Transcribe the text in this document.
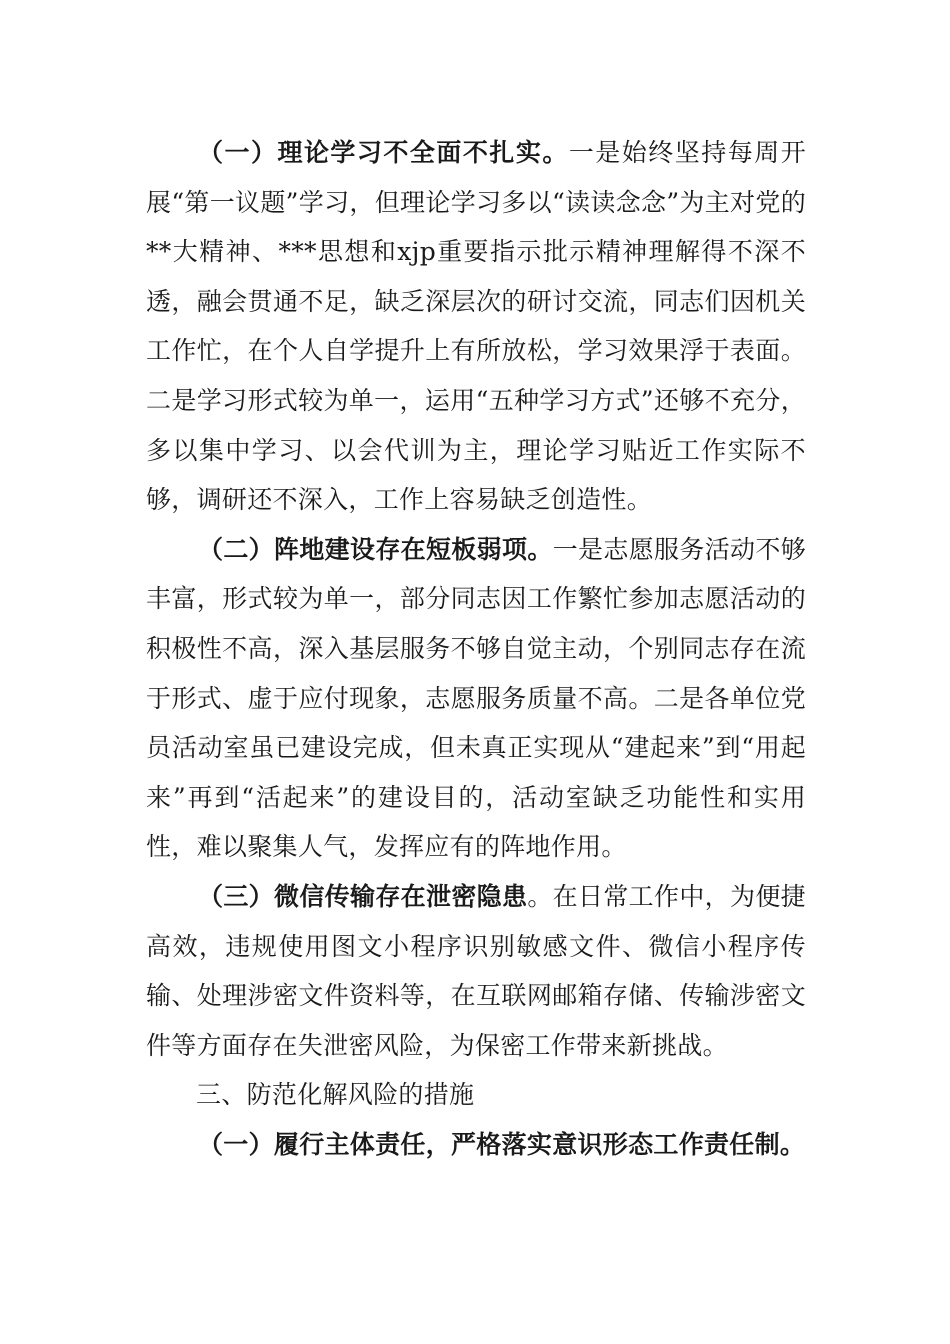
（一）理论学习不全面不扎实。一是始终坚持每周开展“第一议题”学习，但理论学习多以“读读念念”为主对党的**大精神、***思想和xjp重要指示批示精神理解得不深不透，融会贯通不足，缺乏深层次的研讨交流，同志们因机关工作忙，在个人自学提升上有所放松，学习效果浮于表面。二是学习形式较为单一，运用“五种学习方式”还够不充分，多以集中学习、以会代训为主，理论学习贴近工作实际不够，调研还不深入，工作上容易缺乏创造性。

（二）阵地建设存在短板弱项。一是志愿服务活动不够丰富，形式较为单一，部分同志因工作繁忙参加志愿活动的积极性不高，深入基层服务不够自觉主动，个别同志存在流于形式、虚于应付现象，志愿服务质量不高。二是各单位党员活动室虽已建设完成，但未真正实现从“建起来”到“用起来”再到“活起来”的建设目的，活动室缺乏功能性和实用性，难以聚集人气，发挥应有的阵地作用。

（三）微信传输存在泄密隐患。在日常工作中，为便捷高效，违规使用图文小程序识别敏感文件、微信小程序传输、处理涉密文件资料等，在互联网邮箱存储、传输涉密文件等方面存在失泄密风险，为保密工作带来新挑战。

三、防范化解风险的措施

（一）履行主体责任，严格落实意识形态工作责任制。
